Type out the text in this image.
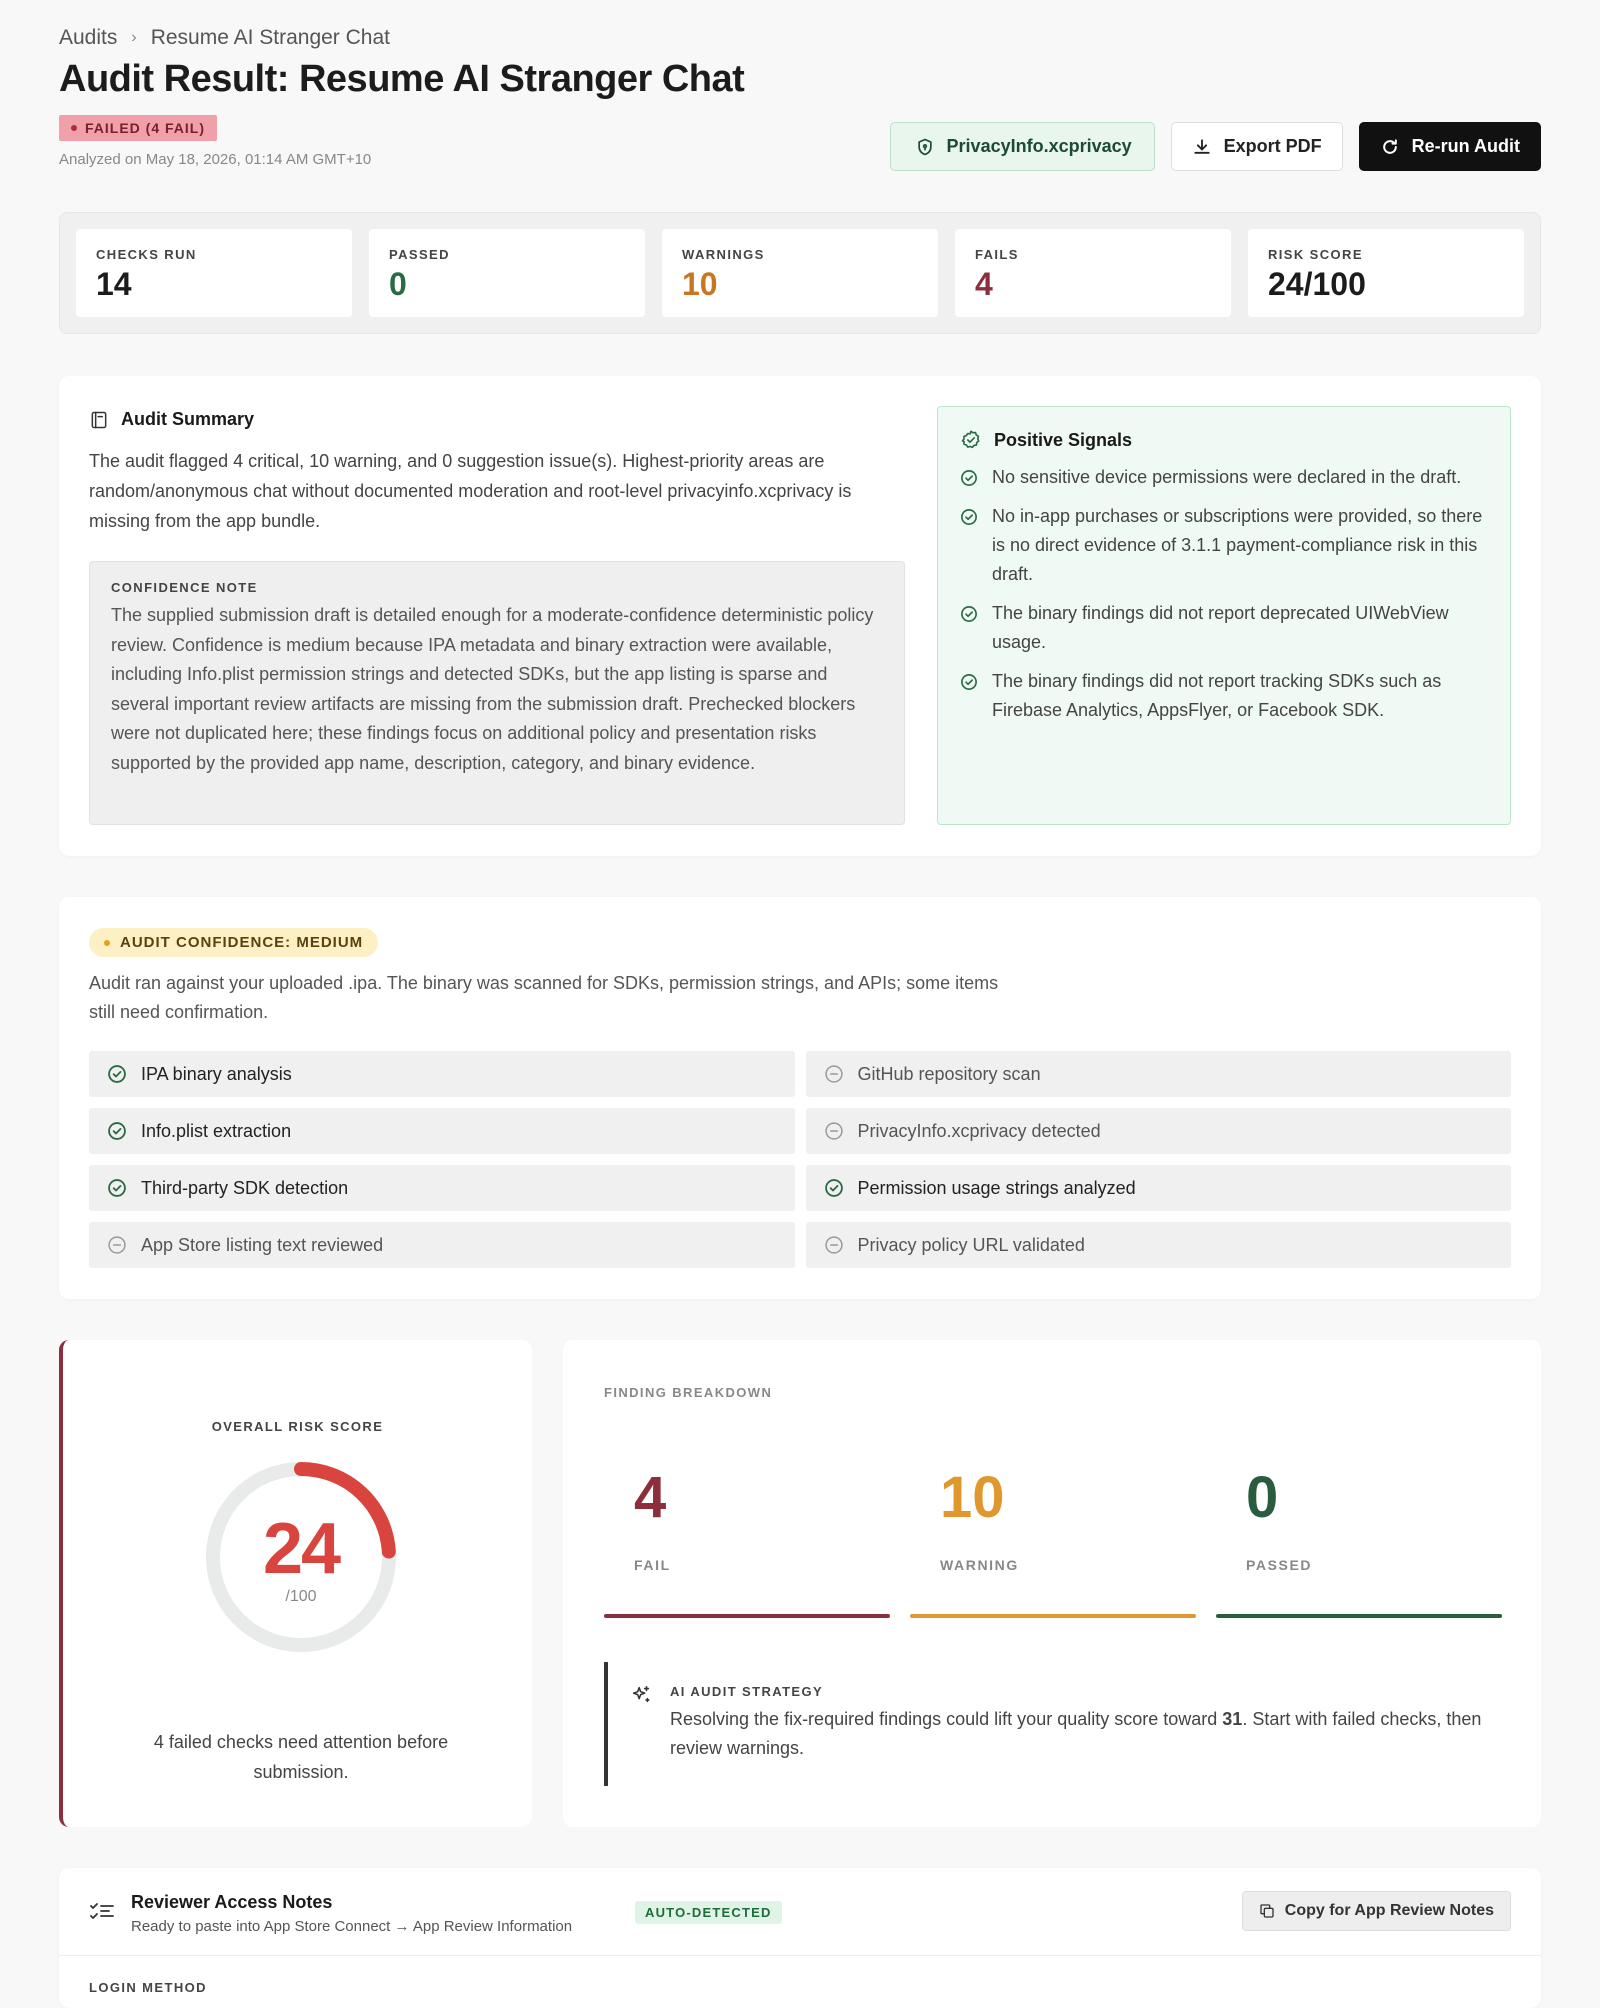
Audits › Resume AI Stranger Chat
Audit Result: Resume AI Stranger Chat
FAILED (4 FAIL)
Analyzed on May 18, 2026, 01:14 AM GMT+10
PrivacyInfo.xcprivacy	Export PDF	Re-run Audit
CHECKS RUN
14
PASSED
0
WARNINGS
10
FAILS
4
RISK SCORE
24/100
Audit Summary

The audit flagged 4 critical, 10 warning, and 0 suggestion issue(s). Highest-priority areas are random/anonymous chat without documented moderation and root-level privacyinfo.xcprivacy is missing from the app bundle.

CONFIDENCE NOTE
The supplied submission draft is detailed enough for a moderate-confidence deterministic policy review. Confidence is medium because IPA metadata and binary extraction were available, including Info.plist permission strings and detected SDKs, but the app listing is sparse and several important review artifacts are missing from the submission draft. Prechecked blockers were not duplicated here; these findings focus on additional policy and presentation risks supported by the provided app name, description, category, and binary evidence.
Positive Signals
No sensitive device permissions were declared in the draft.
No in-app purchases or subscriptions were provided, so there is no direct evidence of 3.1.1 payment-compliance risk in this draft.
The binary findings did not report deprecated UIWebView usage.
The binary findings did not report tracking SDKs such as Firebase Analytics, AppsFlyer, or Facebook SDK.
AUDIT CONFIDENCE: MEDIUM

Audit ran against your uploaded .ipa. The binary was scanned for SDKs, permission strings, and APIs; some items still need confirmation.

IPA binary analysis	GitHub repository scan
Info.plist extraction	PrivacyInfo.xcprivacy detected
Third-party SDK detection	Permission usage strings analyzed
App Store listing text reviewed	Privacy policy URL validated
OVERALL RISK SCORE
24
/100

4 failed checks need attention before submission.

FINDING BREAKDOWN
4
FAIL
10
WARNING
0
PASSED
AI AUDIT STRATEGY
Resolving the fix-required findings could lift your quality score toward 31. Start with failed checks, then review warnings.
Reviewer Access Notes
Ready to paste into App Store Connect → App Review Information
AUTO-DETECTED	Copy for App Review Notes
LOGIN METHOD
